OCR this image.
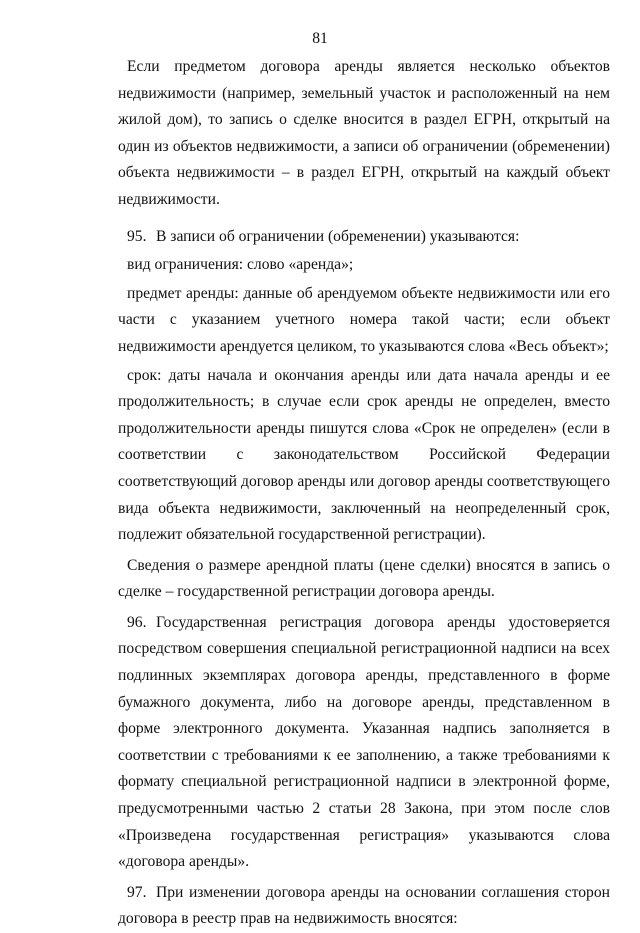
81

Если предметом договора аренды является несколько объектов недвижимости (например, земельный участок и расположенный на нем жилой дом), то запись о сделке вносится в раздел ЕГРН, открытый на один из объектов недвижимости, а записи об ограничении (обременении) объекта недвижимости – в раздел ЕГРН, открытый на каждый объект недвижимости.

95. В записи об ограничении (обременении) указываются:

вид ограничения: слово «аренда»;

предмет аренды: данные об арендуемом объекте недвижимости или его части с указанием учетного номера такой части; если объект недвижимости арендуется целиком, то указываются слова «Весь объект»;

срок: даты начала и окончания аренды или дата начала аренды и ее продолжительность; в случае если срок аренды не определен, вместо продолжительности аренды пишутся слова «Срок не определен» (если в соответствии с законодательством Российской Федерации соответствующий договор аренды или договор аренды соответствующего вида объекта недвижимости, заключенный на неопределенный срок, подлежит обязательной государственной регистрации).

Сведения о размере арендной платы (цене сделки) вносятся в запись о сделке – государственной регистрации договора аренды.

96. Государственная регистрация договора аренды удостоверяется посредством совершения специальной регистрационной надписи на всех подлинных экземплярах договора аренды, представленного в форме бумажного документа, либо на договоре аренды, представленном в форме электронного документа. Указанная надпись заполняется в соответствии с требованиями к ее заполнению, а также требованиями к формату специальной регистрационной надписи в электронной форме, предусмотренными частью 2 статьи 28 Закона, при этом после слов «Произведена государственная регистрация» указываются слова «договора аренды».

97. При изменении договора аренды на основании соглашения сторон договора в реестр прав на недвижимость вносятся:
